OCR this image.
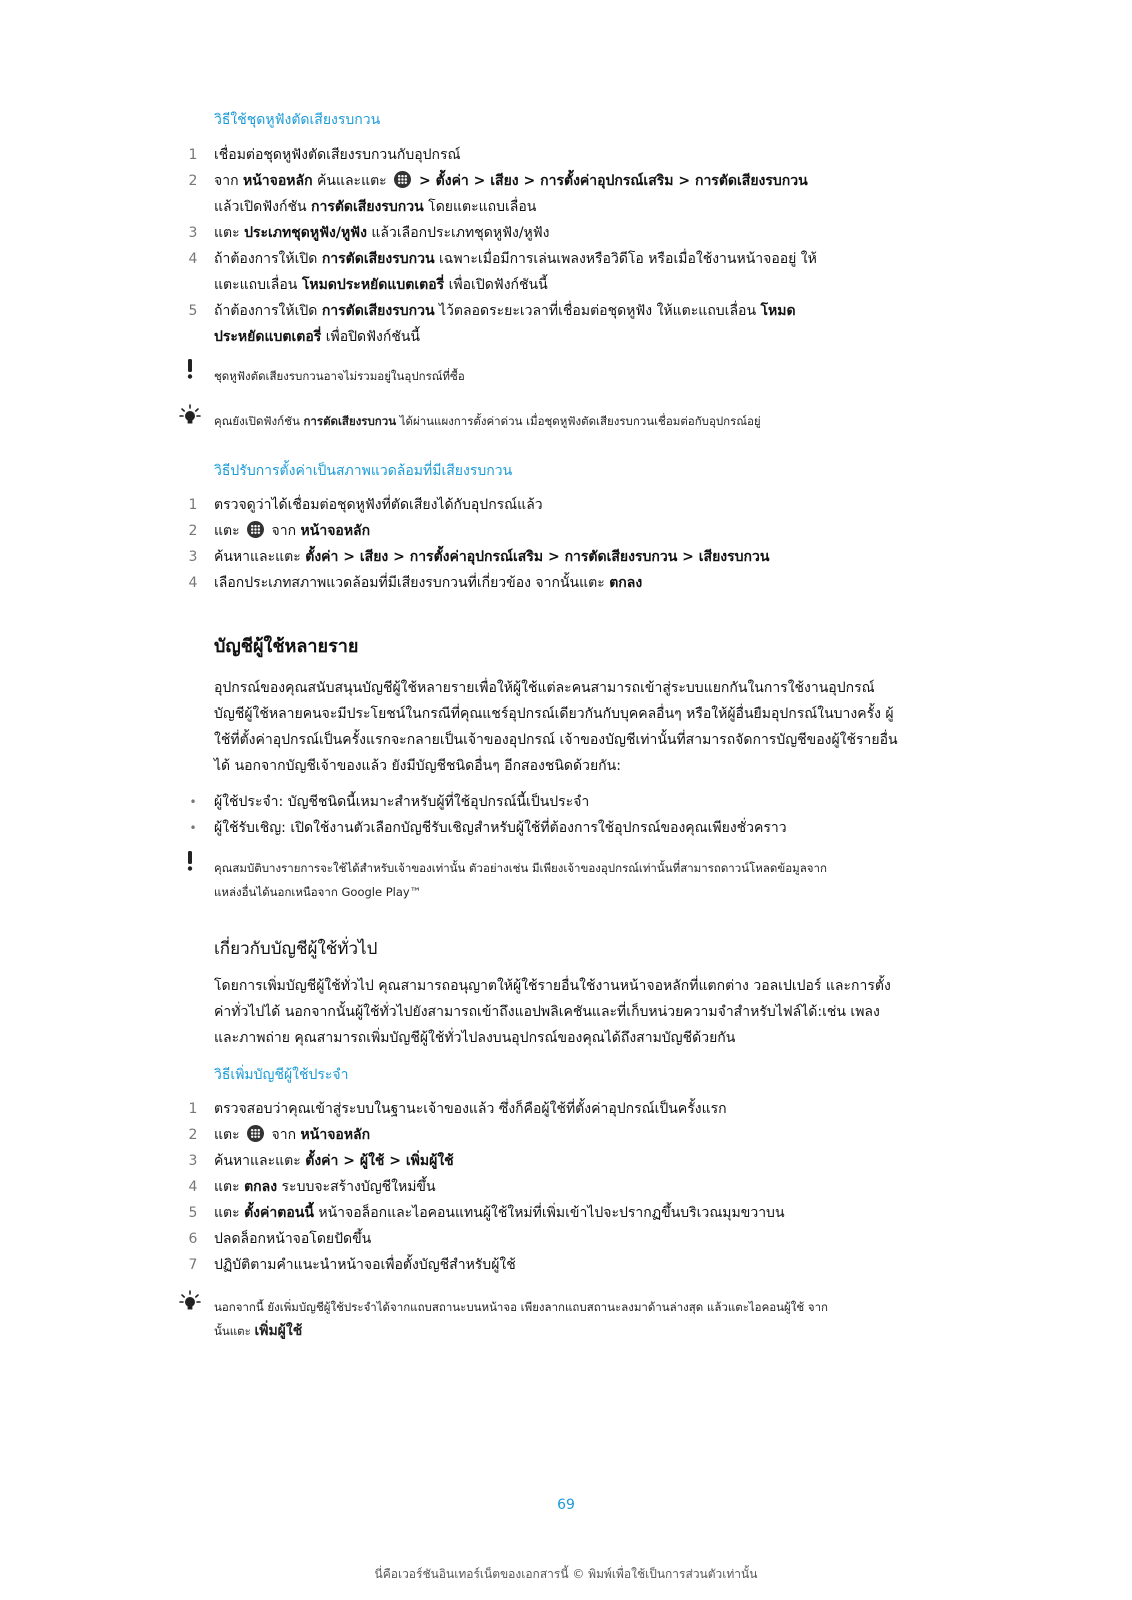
วิธีใช้ชุดหูฟังตัดเสียงรบกวน
1 เชื่อมต่อชุดหูฟังตัดเสียงรบกวนกับอุปกรณ์
2 จาก หน้าจอหลัก ค้นและแตะ  > ตั้งค่า > เสียง > การตั้งค่าอุปกรณ์เสริม > การตัดเสียงรบกวน
แล้วเปิดฟังก์ชัน การตัดเสียงรบกวน โดยแตะแถบเลื่อน
3 แตะ ประเภทชุดหูฟัง/หูฟัง แล้วเลือกประเภทชุดหูฟัง/หูฟัง
4 ถ้าต้องการให้เปิด การตัดเสียงรบกวน เฉพาะเมื่อมีการเล่นเพลงหรือวิดีโอ หรือเมื่อใช้งานหน้าจออยู่ ให้
แตะแถบเลื่อน โหมดประหยัดแบตเตอรี่ เพื่อเปิดฟังก์ชันนี้
5 ถ้าต้องการให้เปิด การตัดเสียงรบกวน ไว้ตลอดระยะเวลาที่เชื่อมต่อชุดหูฟัง ให้แตะแถบเลื่อน โหมด
ประหยัดแบตเตอรี่ เพื่อปิดฟังก์ชันนี้
ชุดหูฟังตัดเสียงรบกวนอาจไม่รวมอยู่ในอุปกรณ์ที่ซื้อ
คุณยังเปิดฟังก์ชัน การตัดเสียงรบกวน ได้ผ่านแผงการตั้งค่าด่วน เมื่อชุดหูฟังตัดเสียงรบกวนเชื่อมต่อกับอุปกรณ์อยู่
วิธีปรับการตั้งค่าเป็นสภาพแวดล้อมที่มีเสียงรบกวน
1 ตรวจดูว่าได้เชื่อมต่อชุดหูฟังที่ตัดเสียงได้กับอุปกรณ์แล้ว
2 แตะ  จาก หน้าจอหลัก
3 ค้นหาและแตะ ตั้งค่า > เสียง > การตั้งค่าอุปกรณ์เสริม > การตัดเสียงรบกวน > เสียงรบกวน
4 เลือกประเภทสภาพแวดล้อมที่มีเสียงรบกวนที่เกี่ยวข้อง จากนั้นแตะ ตกลง
บัญชีผู้ใช้หลายราย
อุปกรณ์ของคุณสนับสนุนบัญชีผู้ใช้หลายรายเพื่อให้ผู้ใช้แต่ละคนสามารถเข้าสู่ระบบแยกกันในการใช้งานอุปกรณ์
บัญชีผู้ใช้หลายคนจะมีประโยชน์ในกรณีที่คุณแชร์อุปกรณ์เดียวกันกับบุคคลอื่นๆ หรือให้ผู้อื่นยืมอุปกรณ์ในบางครั้ง ผู้
ใช้ที่ตั้งค่าอุปกรณ์เป็นครั้งแรกจะกลายเป็นเจ้าของอุปกรณ์ เจ้าของบัญชีเท่านั้นที่สามารถจัดการบัญชีของผู้ใช้รายอื่น
ได้ นอกจากบัญชีเจ้าของแล้ว ยังมีบัญชีชนิดอื่นๆ อีกสองชนิดด้วยกัน:
• ผู้ใช้ประจำ: บัญชีชนิดนี้เหมาะสำหรับผู้ที่ใช้อุปกรณ์นี้เป็นประจำ
• ผู้ใช้รับเชิญ: เปิดใช้งานตัวเลือกบัญชีรับเชิญสำหรับผู้ใช้ที่ต้องการใช้อุปกรณ์ของคุณเพียงชั่วคราว
คุณสมบัติบางรายการจะใช้ได้สำหรับเจ้าของเท่านั้น ตัวอย่างเช่น มีเพียงเจ้าของอุปกรณ์เท่านั้นที่สามารถดาวน์โหลดข้อมูลจาก
แหล่งอื่นได้นอกเหนือจาก Google Play™
เกี่ยวกับบัญชีผู้ใช้ทั่วไป
โดยการเพิ่มบัญชีผู้ใช้ทั่วไป คุณสามารถอนุญาตให้ผู้ใช้รายอื่นใช้งานหน้าจอหลักที่แตกต่าง วอลเปเปอร์ และการตั้ง
ค่าทั่วไปได้ นอกจากนั้นผู้ใช้ทั่วไปยังสามารถเข้าถึงแอปพลิเคชันและที่เก็บหน่วยความจำสำหรับไฟล์ได้:เช่น เพลง
และภาพถ่าย คุณสามารถเพิ่มบัญชีผู้ใช้ทั่วไปลงบนอุปกรณ์ของคุณได้ถึงสามบัญชีด้วยกัน
วิธีเพิ่มบัญชีผู้ใช้ประจำ
1 ตรวจสอบว่าคุณเข้าสู่ระบบในฐานะเจ้าของแล้ว ซึ่งก็คือผู้ใช้ที่ตั้งค่าอุปกรณ์เป็นครั้งแรก
2 แตะ  จาก หน้าจอหลัก
3 ค้นหาและแตะ ตั้งค่า > ผู้ใช้ > เพิ่มผู้ใช้
4 แตะ ตกลง ระบบจะสร้างบัญชีใหม่ขึ้น
5 แตะ ตั้งค่าตอนนี้ หน้าจอล็อกและไอคอนแทนผู้ใช้ใหม่ที่เพิ่มเข้าไปจะปรากฏขึ้นบริเวณมุมขวาบน
6 ปลดล็อกหน้าจอโดยปัดขึ้น
7 ปฏิบัติตามคำแนะนำหน้าจอเพื่อตั้งบัญชีสำหรับผู้ใช้
นอกจากนี้ ยังเพิ่มบัญชีผู้ใช้ประจำได้จากแถบสถานะบนหน้าจอ เพียงลากแถบสถานะลงมาด้านล่างสุด แล้วแตะไอคอนผู้ใช้ จาก
นั้นแตะ เพิ่มผู้ใช้
69
นี่คือเวอร์ชันอินเทอร์เน็ตของเอกสารนี้ © พิมพ์เพื่อใช้เป็นการส่วนตัวเท่านั้น
